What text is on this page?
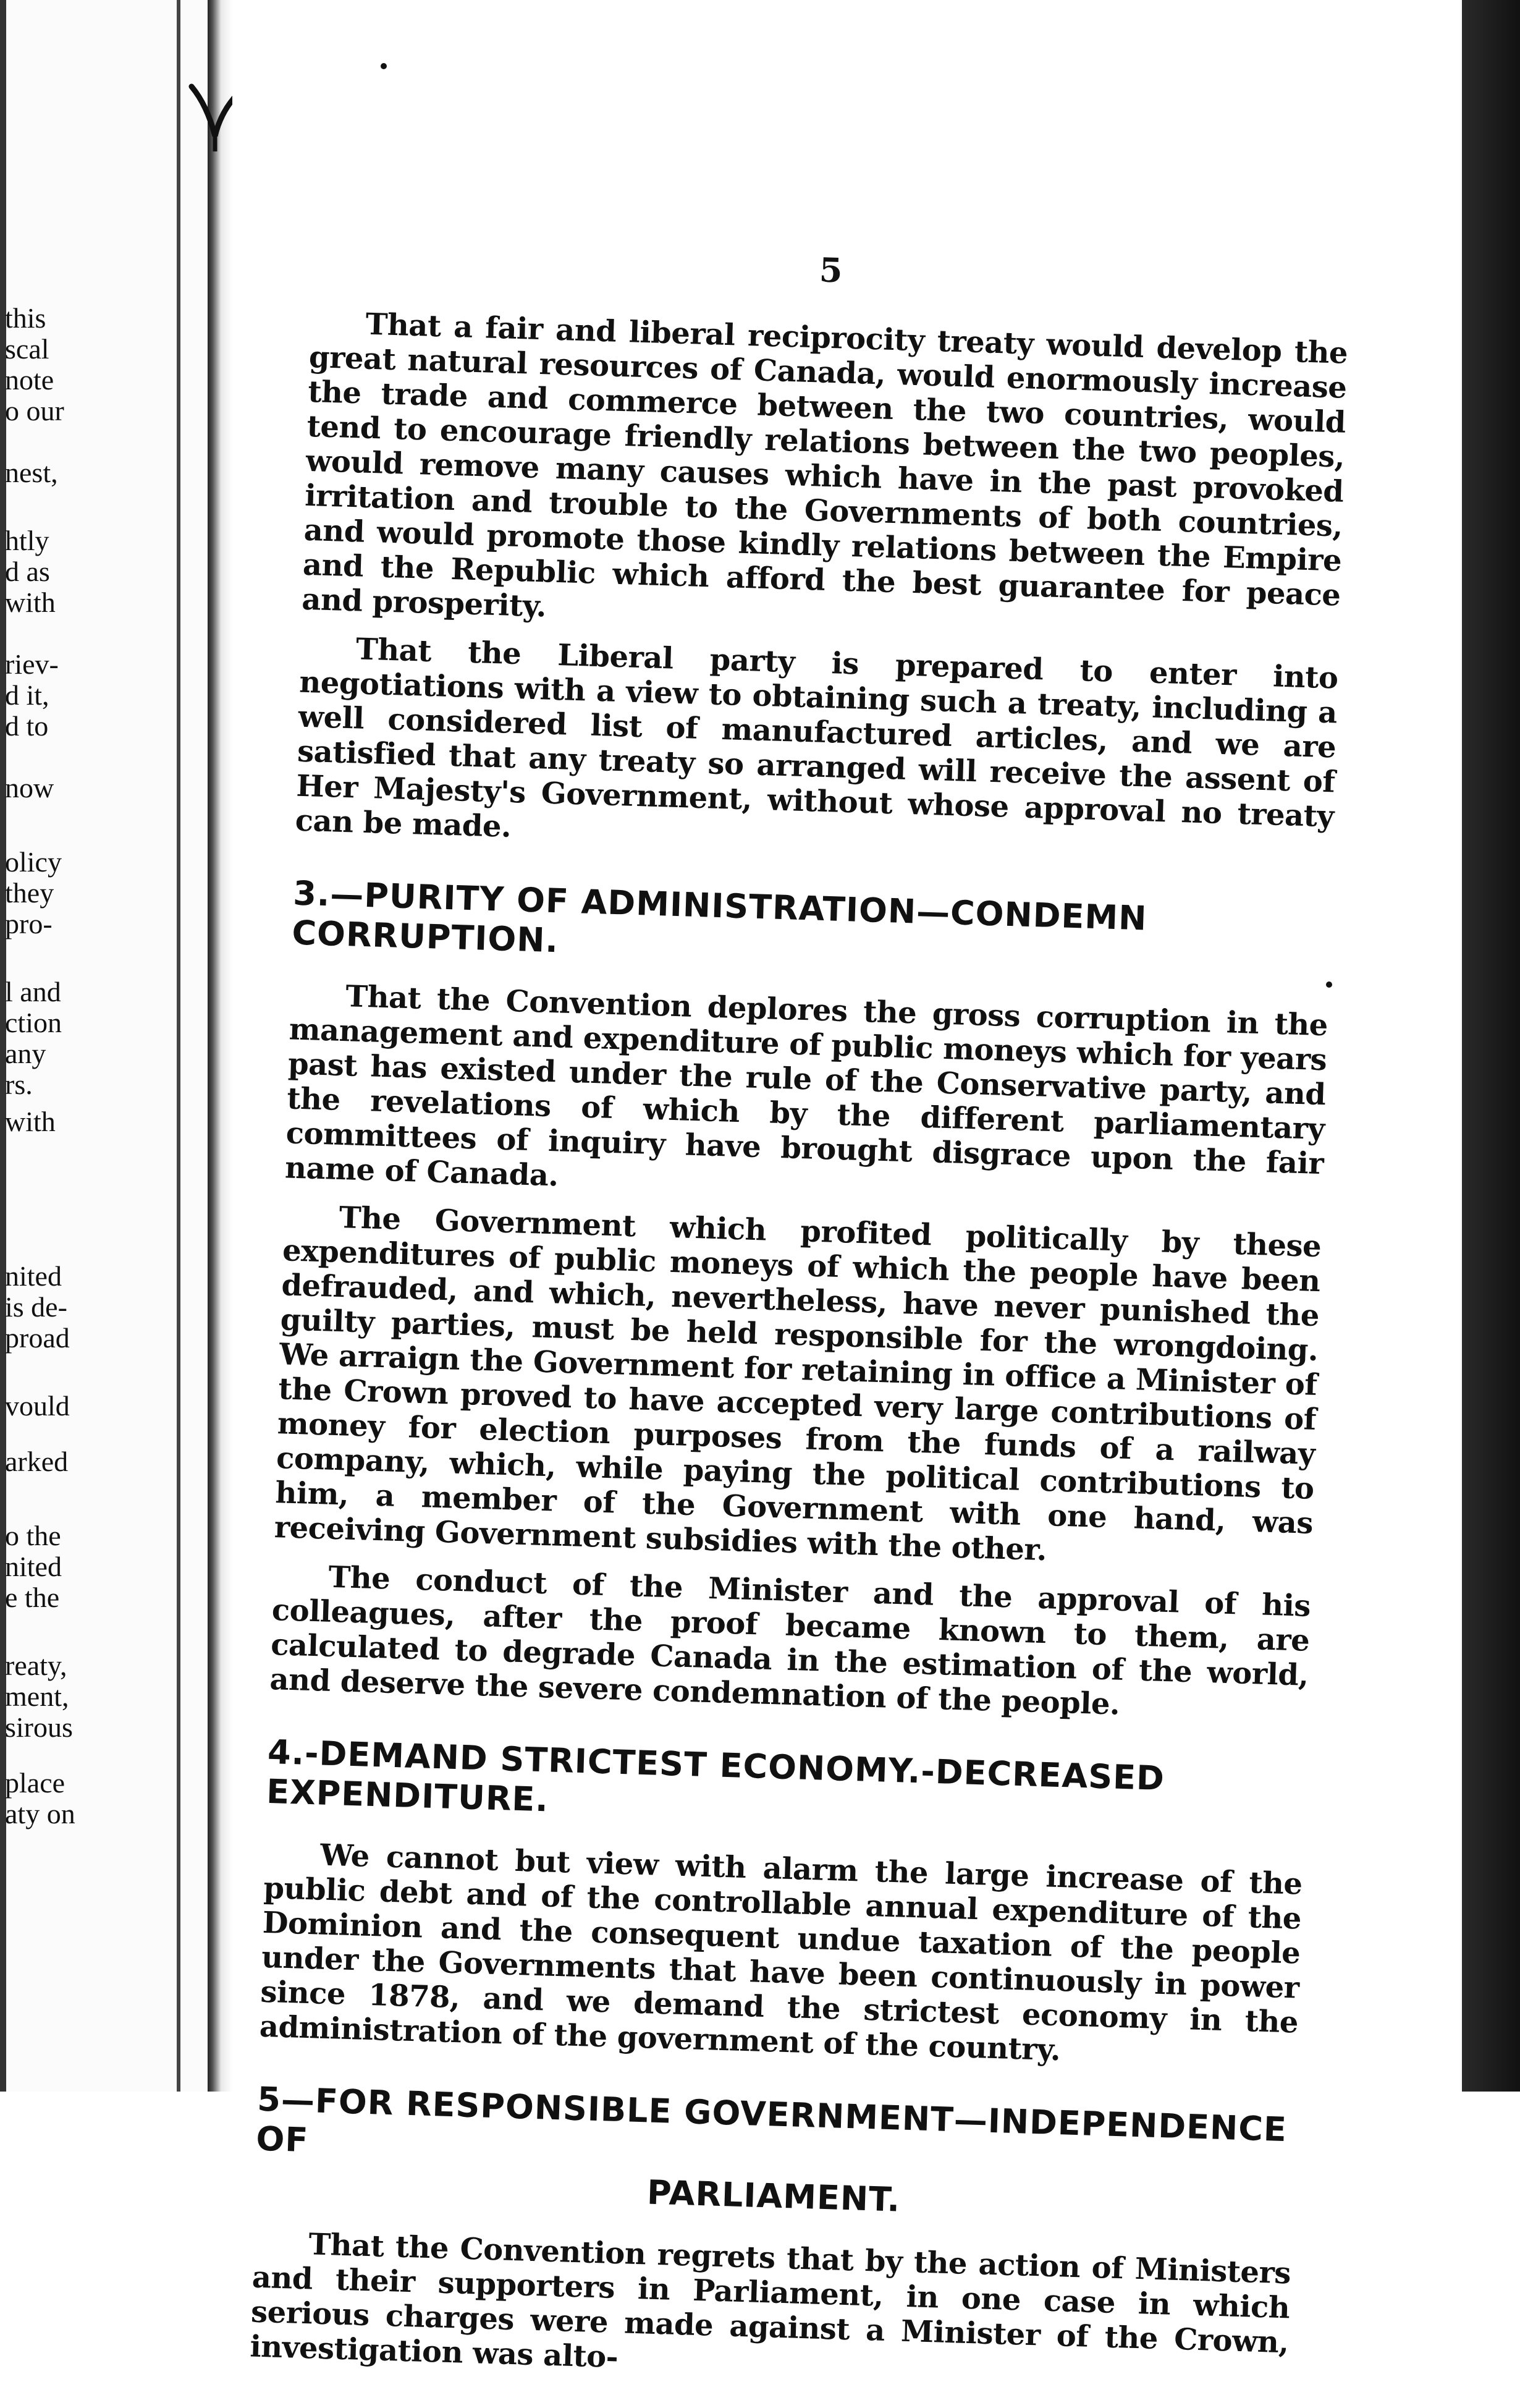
this
scal
note
o our
nest,
htly
d as
with
riev-
d it,
d to
now
olicy
they
pro-
l and
ction
any
rs.
with
nited
is de-
proad
vould
arked
o the
nited
e the
reaty,
ment,
sirous
place
aty on
5

That a fair and liberal reciprocity treaty would develop the great natural resources of Canada, would enormously increase the trade and commerce between the two countries, would tend to encourage friendly relations between the two peoples, would remove many causes which have in the past provoked irritation and trouble to the Governments of both countries, and would promote those kindly relations between the Empire and the Republic which afford the best guarantee for peace and prosperity.

That the Liberal party is prepared to enter into negotiations with a view to obtaining such a treaty, including a well considered list of manufactured articles, and we are satisfied that any treaty so arranged will receive the assent of Her Majesty's Government, without whose approval no treaty can be made.

3.—PURITY OF ADMINISTRATION—CONDEMN CORRUPTION.

That the Convention deplores the gross corruption in the management and expenditure of public moneys which for years past has existed under the rule of the Conservative party, and the revelations of which by the different parliamentary committees of inquiry have brought disgrace upon the fair name of Canada.

The Government which profited politically by these expenditures of public moneys of which the people have been defrauded, and which, nevertheless, have never punished the guilty parties, must be held responsible for the wrongdoing. We arraign the Government for retaining in office a Minister of the Crown proved to have accepted very large contributions of money for election purposes from the funds of a railway company, which, while paying the political contributions to him, a member of the Government with one hand, was receiving Government subsidies with the other.

The conduct of the Minister and the approval of his colleagues, after the proof became known to them, are calculated to degrade Canada in the estimation of the world, and deserve the severe condemnation of the people.

4.-DEMAND STRICTEST ECONOMY.-DECREASED EXPENDITURE.

We cannot but view with alarm the large increase of the public debt and of the controllable annual expenditure of the Dominion and the consequent undue taxation of the people under the Governments that have been continuously in power since 1878, and we demand the strictest economy in the administration of the government of the country.

5—FOR RESPONSIBLE GOVERNMENT—INDEPENDENCE OF
PARLIAMENT.

That the Convention regrets that by the action of Ministers and their supporters in Parliament, in one case in which serious charges were made against a Minister of the Crown, investigation was alto-
